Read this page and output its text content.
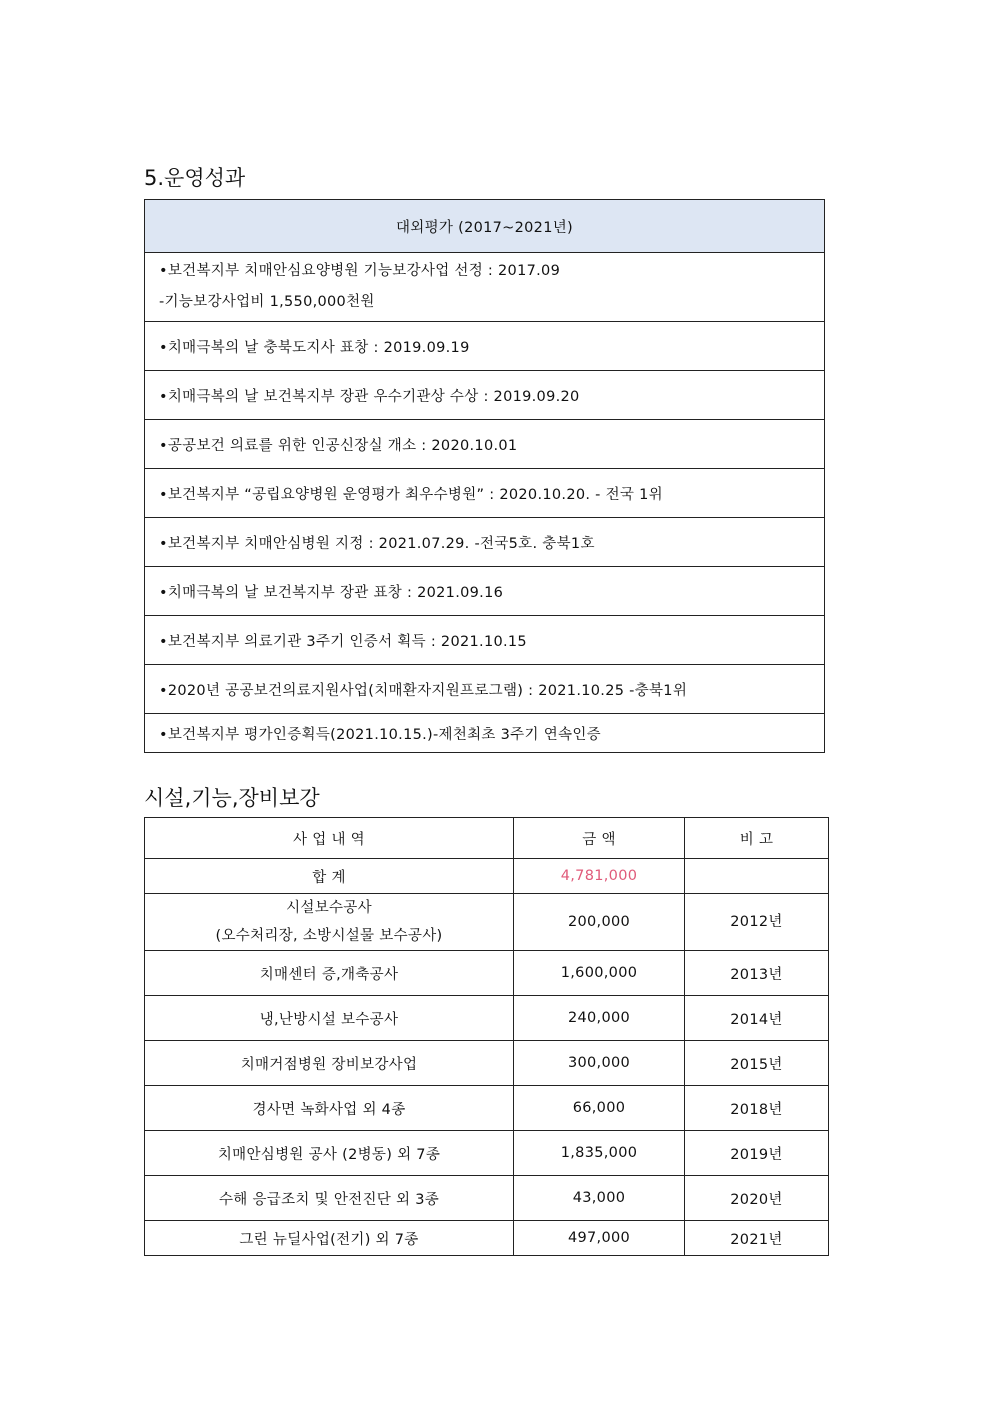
5.운영성과
대외평가 (2017~2021년)

•보건복지부 치매안심요양병원 기능보강사업 선정 : 2017.09
-기능보강사업비 1,550,000천원

•치매극복의 날 충북도지사 표창 : 2019.09.19
•치매극복의 날 보건복지부 장관 우수기관상 수상 : 2019.09.20
•공공보건 의료를 위한 인공신장실 개소 : 2020.10.01
•보건복지부 “공립요양병원 운영평가 최우수병원” : 2020.10.20. - 전국 1위
•보건복지부 치매안심병원 지정 : 2021.07.29. -전국5호. 충북1호
•치매극복의 날 보건복지부 장관 표창 : 2021.09.16
•보건복지부 의료기관 3주기 인증서 획득 : 2021.10.15
•2020년 공공보건의료지원사업(치매환자지원프로그램) : 2021.10.25 -충북1위
•보건복지부 평가인증획득(2021.10.15.)-제천최초 3주기 연속인증
시설,기능,장비보강
사 업 내 역	금 액	비 고
합 계	4,781,000	

시설보수공사
(오수처리장, 소방시설물 보수공사)	200,000	2012년
치매센터 증,개축공사	1,600,000	2013년
냉,난방시설 보수공사	240,000	2014년
치매거점병원 장비보강사업	300,000	2015년
경사면 녹화사업 외 4종	66,000	2018년
치매안심병원 공사 (2병동) 외 7종	1,835,000	2019년
수해 응급조치 및 안전진단 외 3종	43,000	2020년
그린 뉴딜사업(전기) 외 7종	497,000	2021년
